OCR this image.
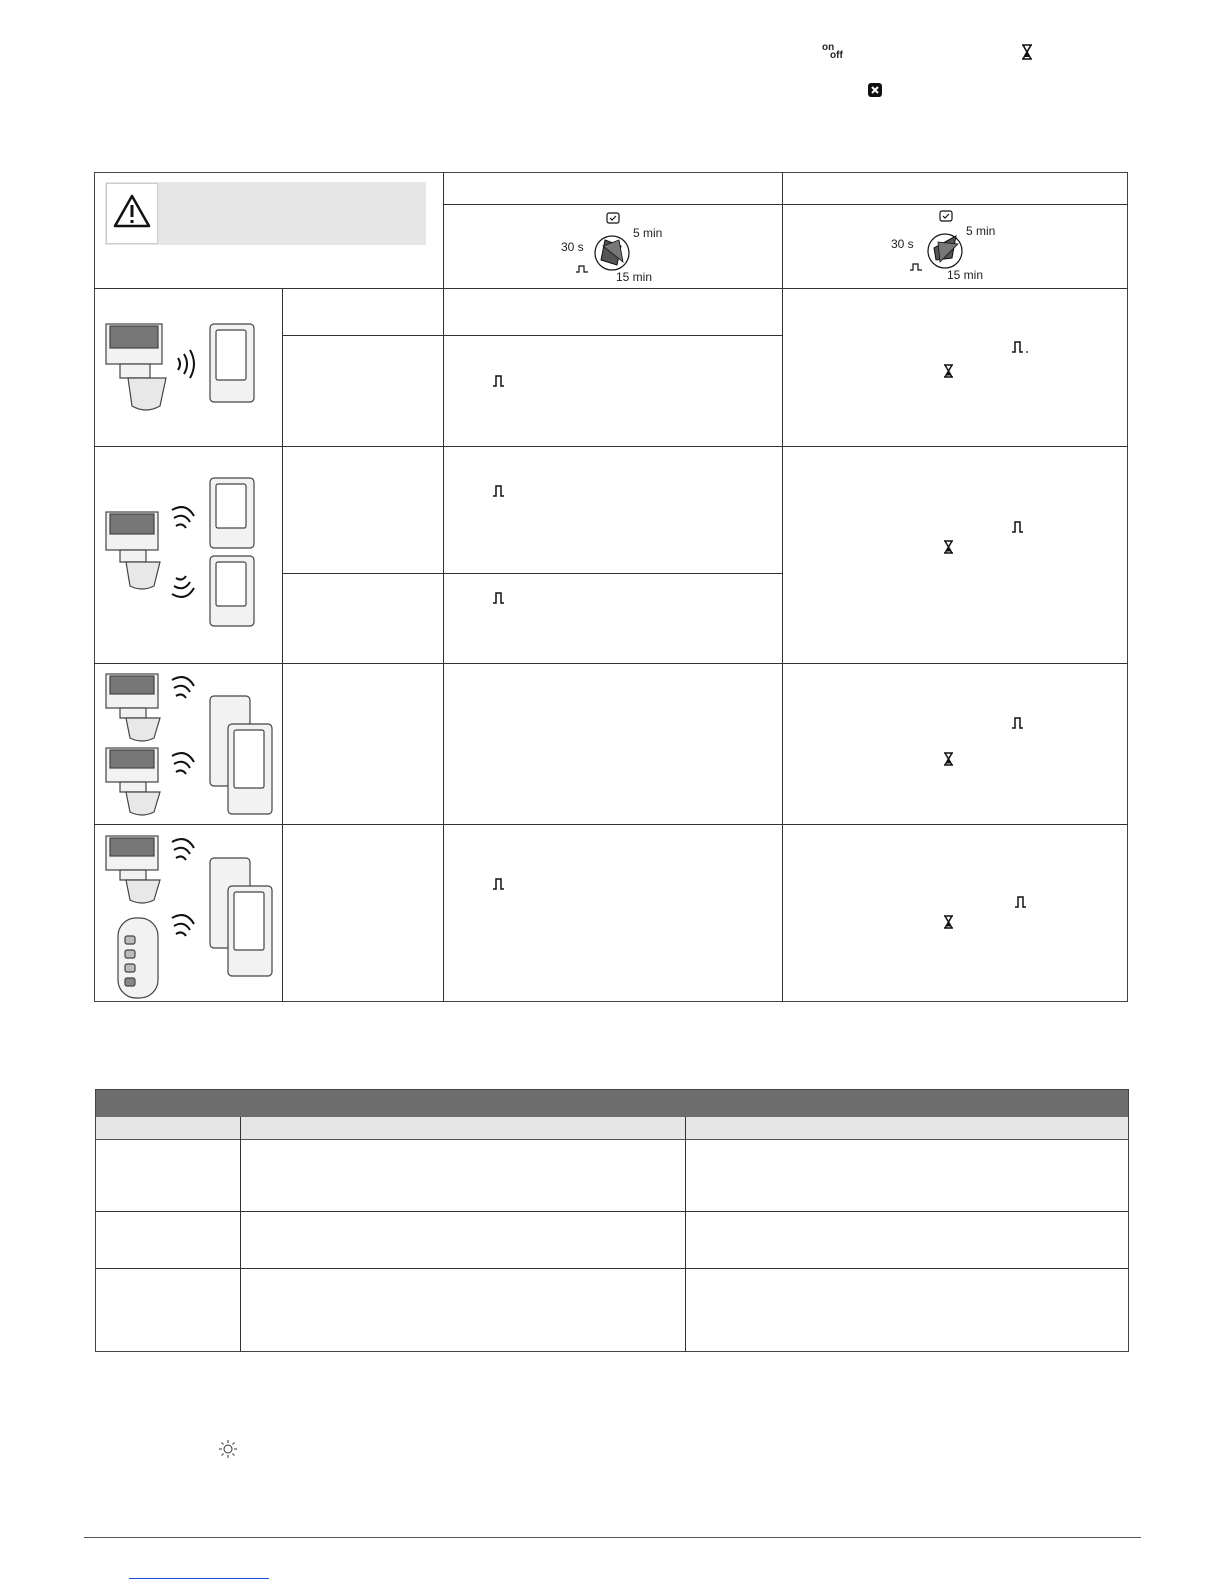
on
off
30 s
5 min
15 min
30 s
5 min
15 min
